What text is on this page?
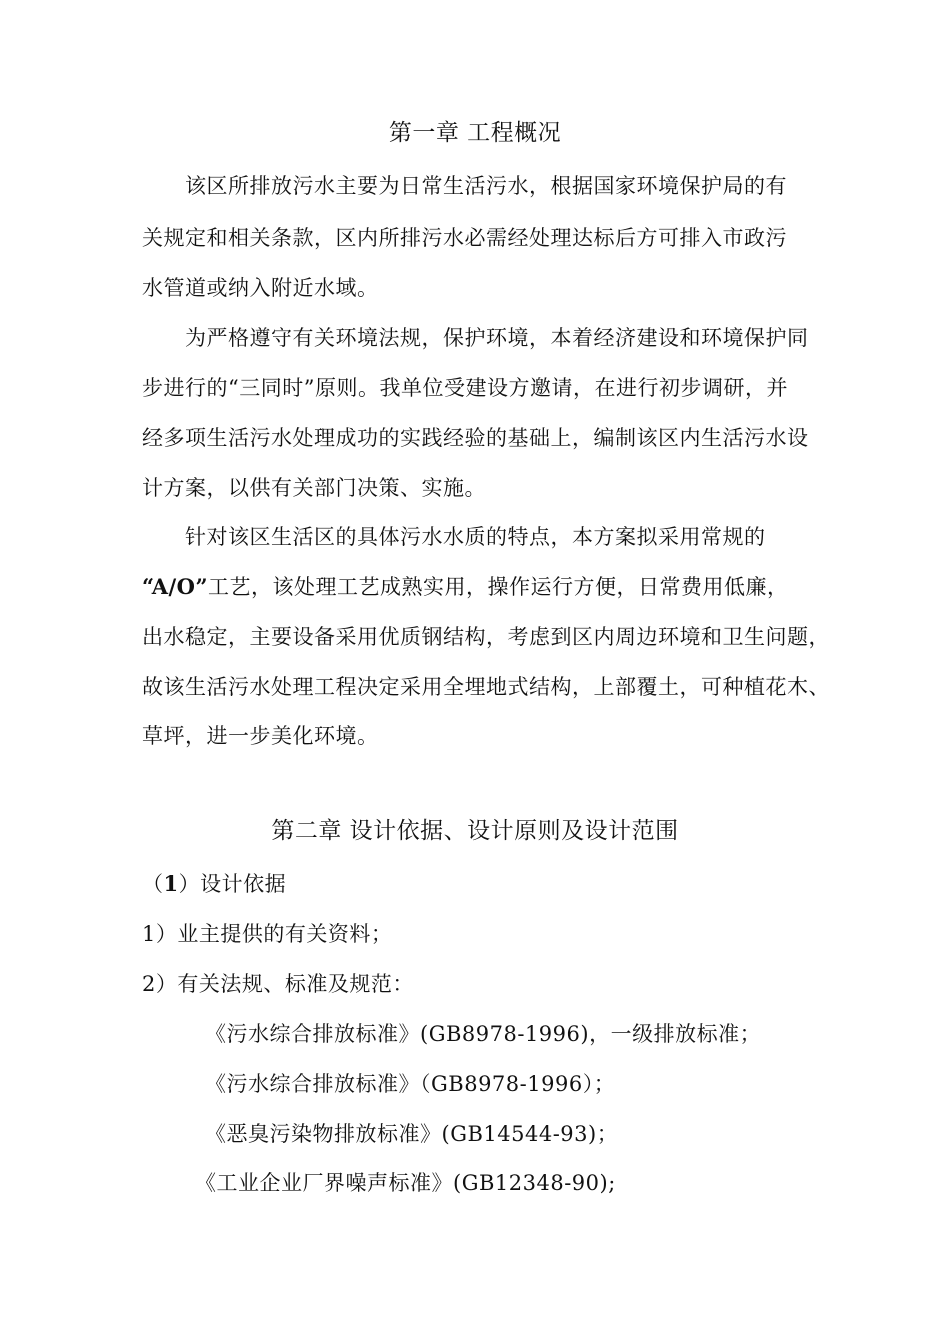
第一章 工程概况
该区所排放污水主要为日常生活污水，根据国家环境保护局的有
关规定和相关条款，区内所排污水必需经处理达标后方可排入市政污
水管道或纳入附近水域。
为严格遵守有关环境法规，保护环境，本着经济建设和环境保护同
步进行的“三同时”原则。我单位受建设方邀请，在进行初步调研，并
经多项生活污水处理成功的实践经验的基础上，编制该区内生活污水设
计方案，以供有关部门决策、实施。
针对该区生活区的具体污水水质的特点，本方案拟采用常规的
“A/O”工艺，该处理工艺成熟实用，操作运行方便，日常费用低廉，
出水稳定，主要设备采用优质钢结构，考虑到区内周边环境和卫生问题，
故该生活污水处理工程决定采用全埋地式结构，上部覆土，可种植花木、
草坪，进一步美化环境。
第二章 设计依据、设计原则及设计范围
（1）设计依据
1）业主提供的有关资料；
2）有关法规、标准及规范：
《污水综合排放标准》(GB8978-1996)，一级排放标准；
《污水综合排放标准》（GB8978-1996）；
《恶臭污染物排放标准》(GB14544-93)；
《工业企业厂界噪声标准》(GB12348-90);
